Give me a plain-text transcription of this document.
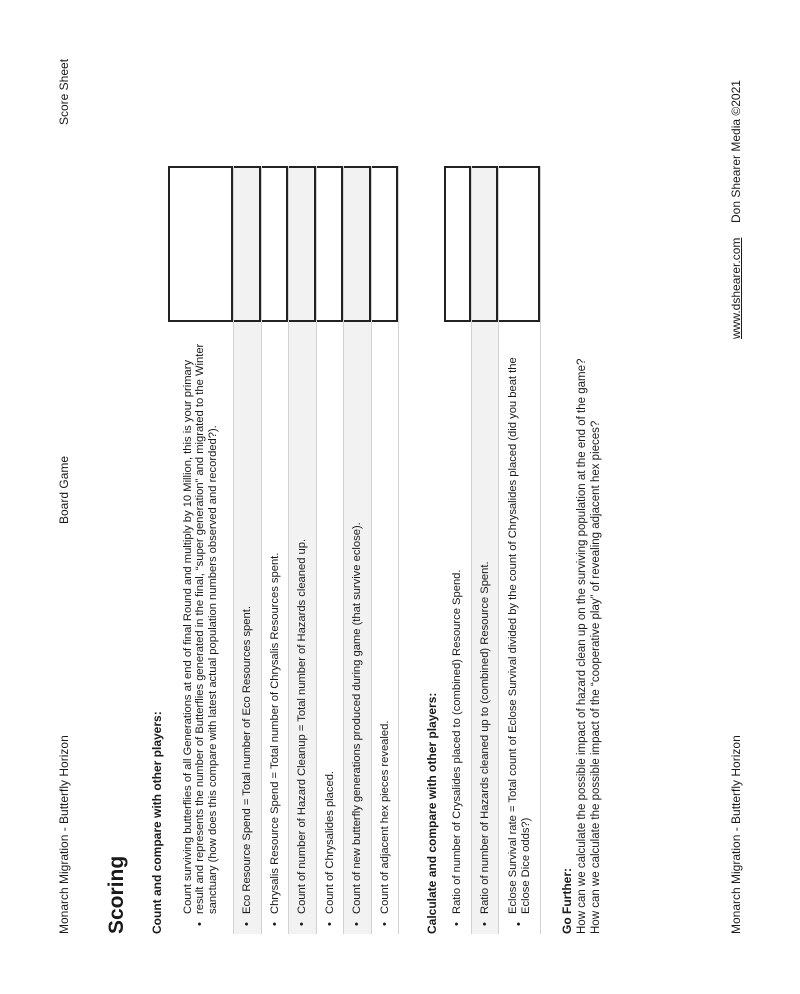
Monarch Migration - Butterfly Horizon
Board Game
Score Sheet
Scoring Count and compare with other players:	•
Count surviving butterflies of all Generations at end of final Round and multiply by 10 Million, this is your primary result and represents the number of Butterflies generated in the final, “super generation” and migrated to the Winter sanctuary (how does this compare with latest actual population numbers observed and recorded?).
•
Eco Resource Spend = Total number of Eco Resources spent.
•
Chrysalis Resource Spend = Total number of Chrysalis Resources spent.
•
Count of number of Hazard Cleanup = Total number of Hazards cleaned up.
•
Count of Chrysalides placed.
•
Count of new butterfly generations produced during game (that survive eclose).
•
Count of adjacent hex pieces revealed.	Calculate and compare with other players: •
Ratio of number of Crysalides placed to (combined) Resource Spend.
•
Ratio of number of Hazards cleaned up to (combined) Resource Spent.
•
Eclose Survival rate = Total count of Eclose Survival divided by the count of Chrysalides placed (did you beat the Eclose Dice odds?) Go Further: How can we calculate the possible impact of hazard clean up on the surviving population at the end of the game? How can we calculate the possible impact of the “cooperative play” of revealing adjacent hex pieces?	Monarch Migration - Butterfly Horizon
www.dshearer.com
Don Shearer Media ©2021
